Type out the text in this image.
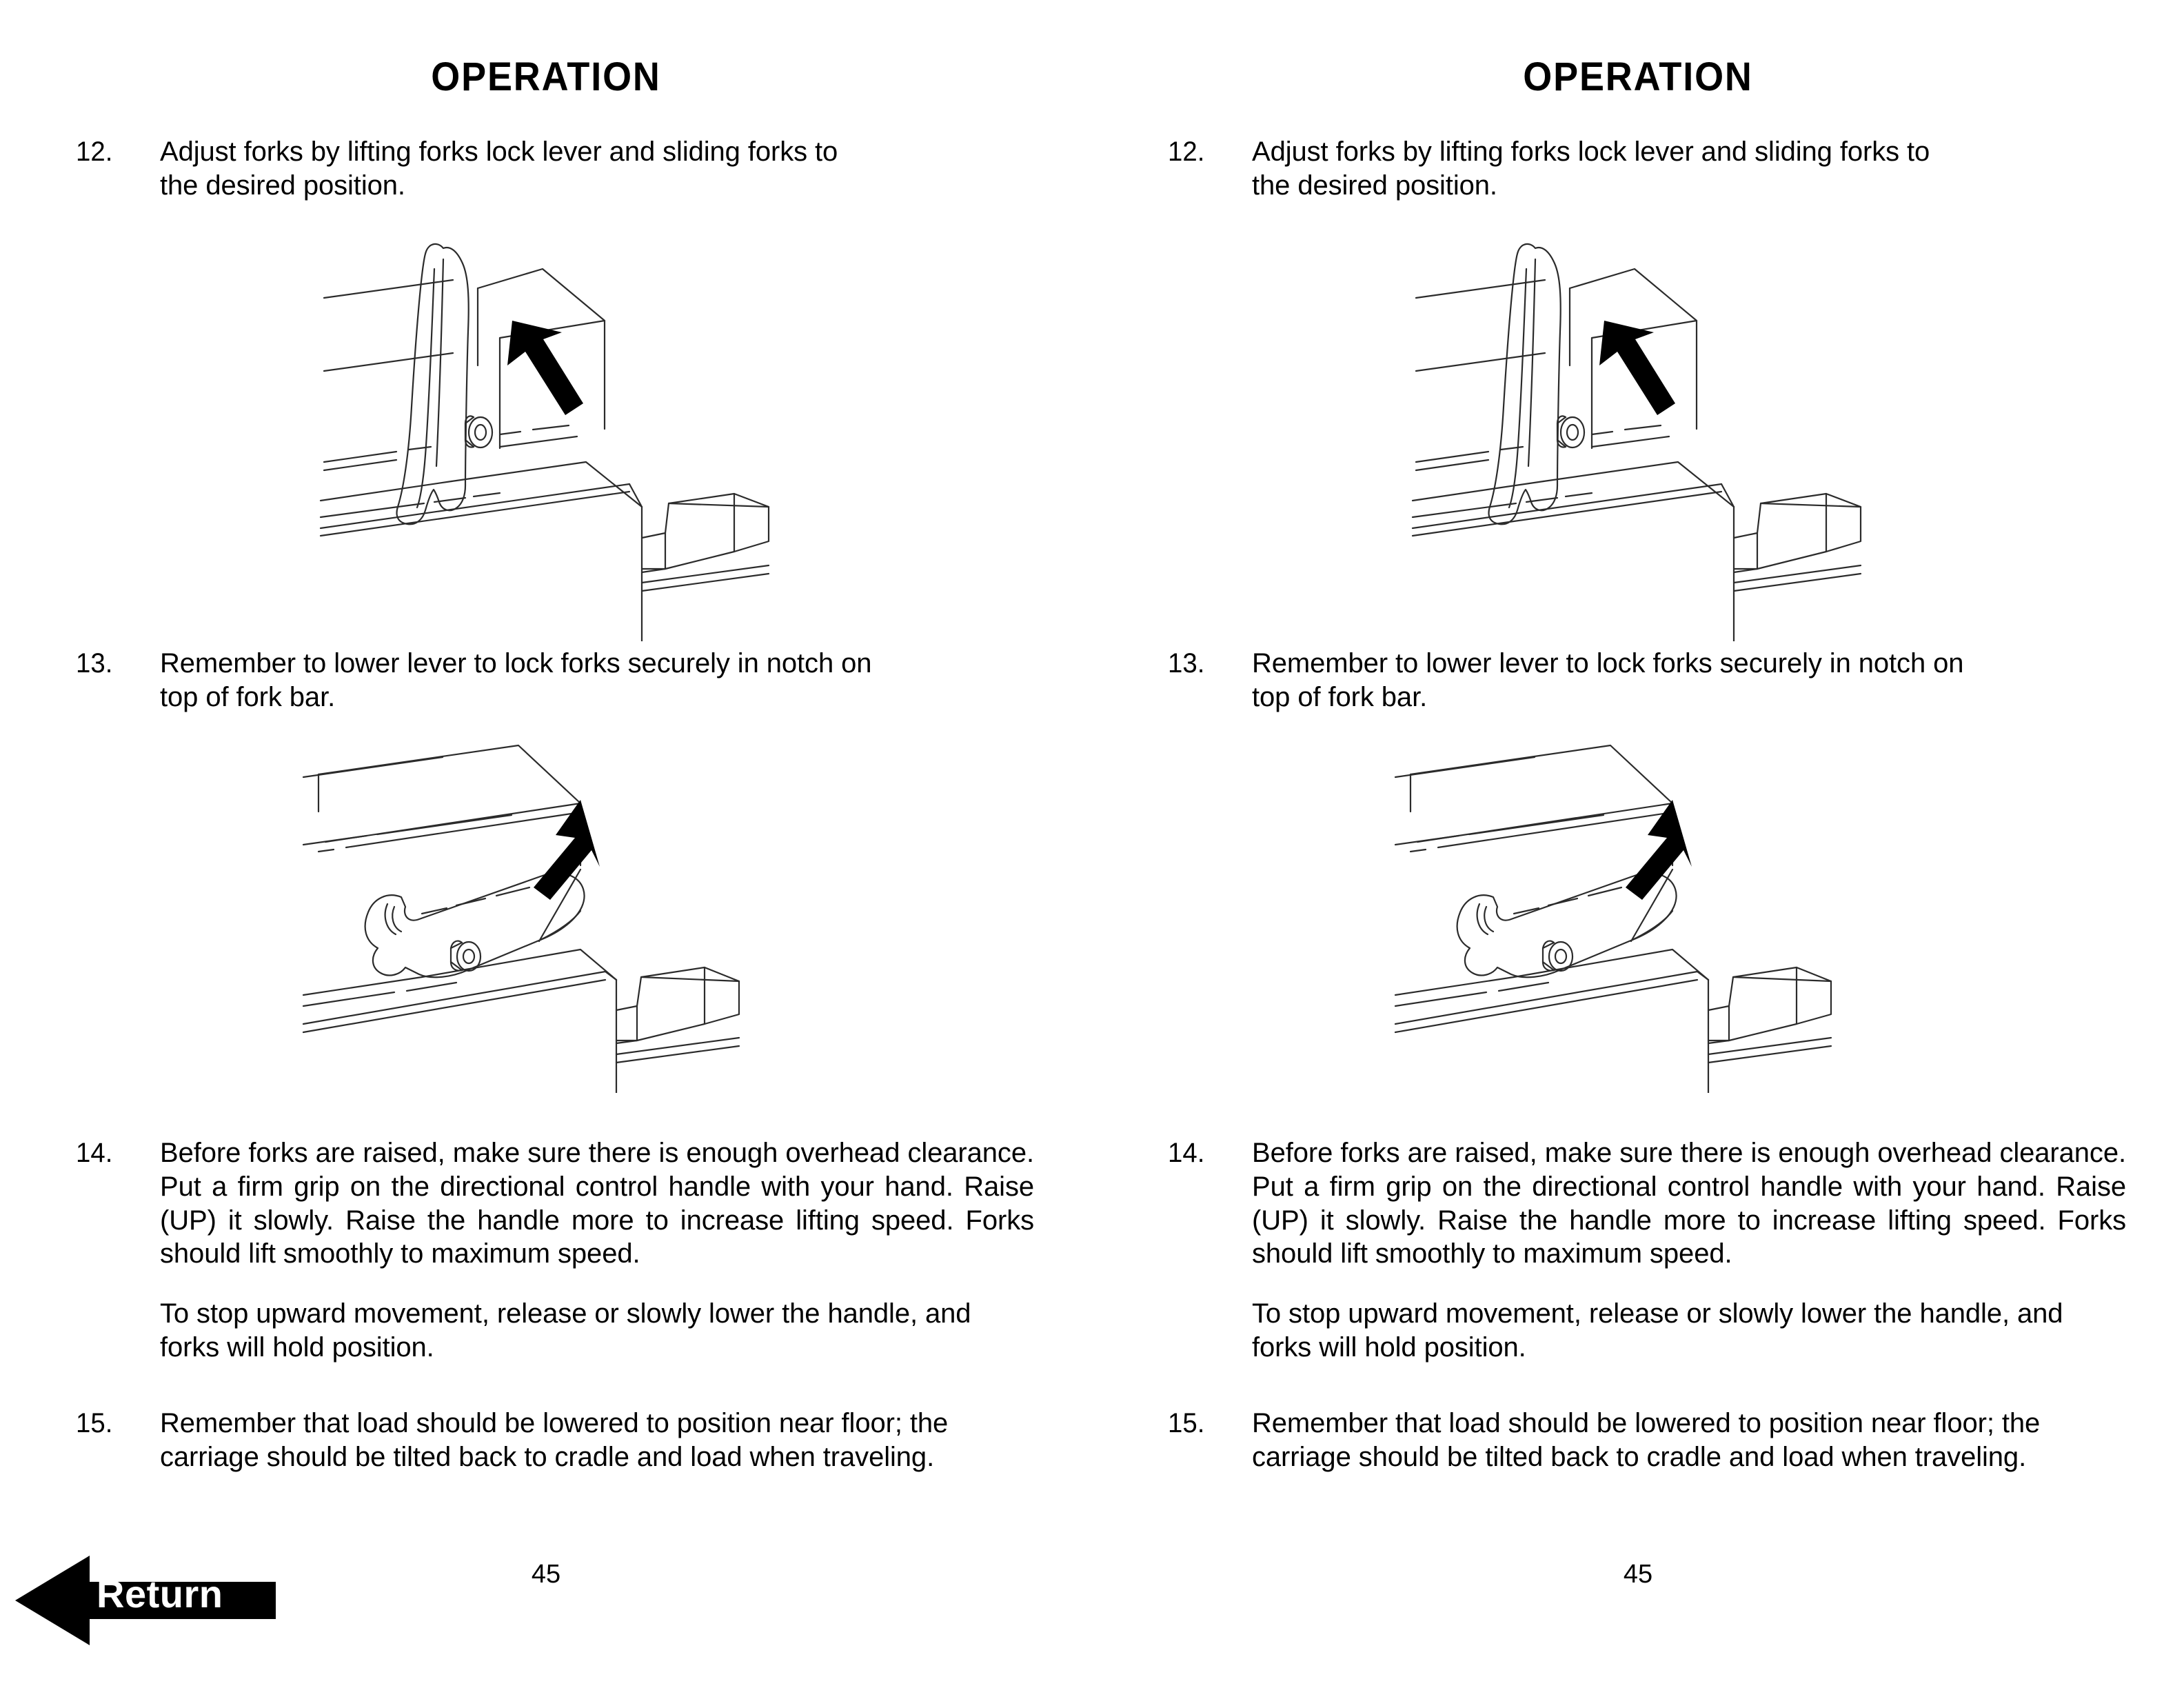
OPERATION
12.	Adjust forks by lifting forks lock lever and sliding forks to

the desired position.

13.	Remember to lower lever to lock forks securely in notch on

top of fork bar.

14.	Before forks are raised, make sure there is enough overhead clearance. Put a firm grip on the directional control handle with your hand. Raise (UP) it slowly. Raise the handle more to increase lifting speed. Forks should lift smoothly to maximum speed.

To stop upward movement, release or slowly lower the handle, and forks will hold position.

15.	Remember that load should be lowered to position near floor; the carriage should be tilted back to cradle and load when traveling.

45
OPERATION
12.	Adjust forks by lifting forks lock lever and sliding forks to

the desired position.

13.	Remember to lower lever to lock forks securely in notch on

top of fork bar.

14.	Before forks are raised, make sure there is enough overhead clearance. Put a firm grip on the directional control handle with your hand. Raise (UP) it slowly. Raise the handle more to increase lifting speed. Forks should lift smoothly to maximum speed.

To stop upward movement, release or slowly lower the handle, and forks will hold position.

15.	Remember that load should be lowered to position near floor; the carriage should be tilted back to cradle and load when traveling.

45
Return
